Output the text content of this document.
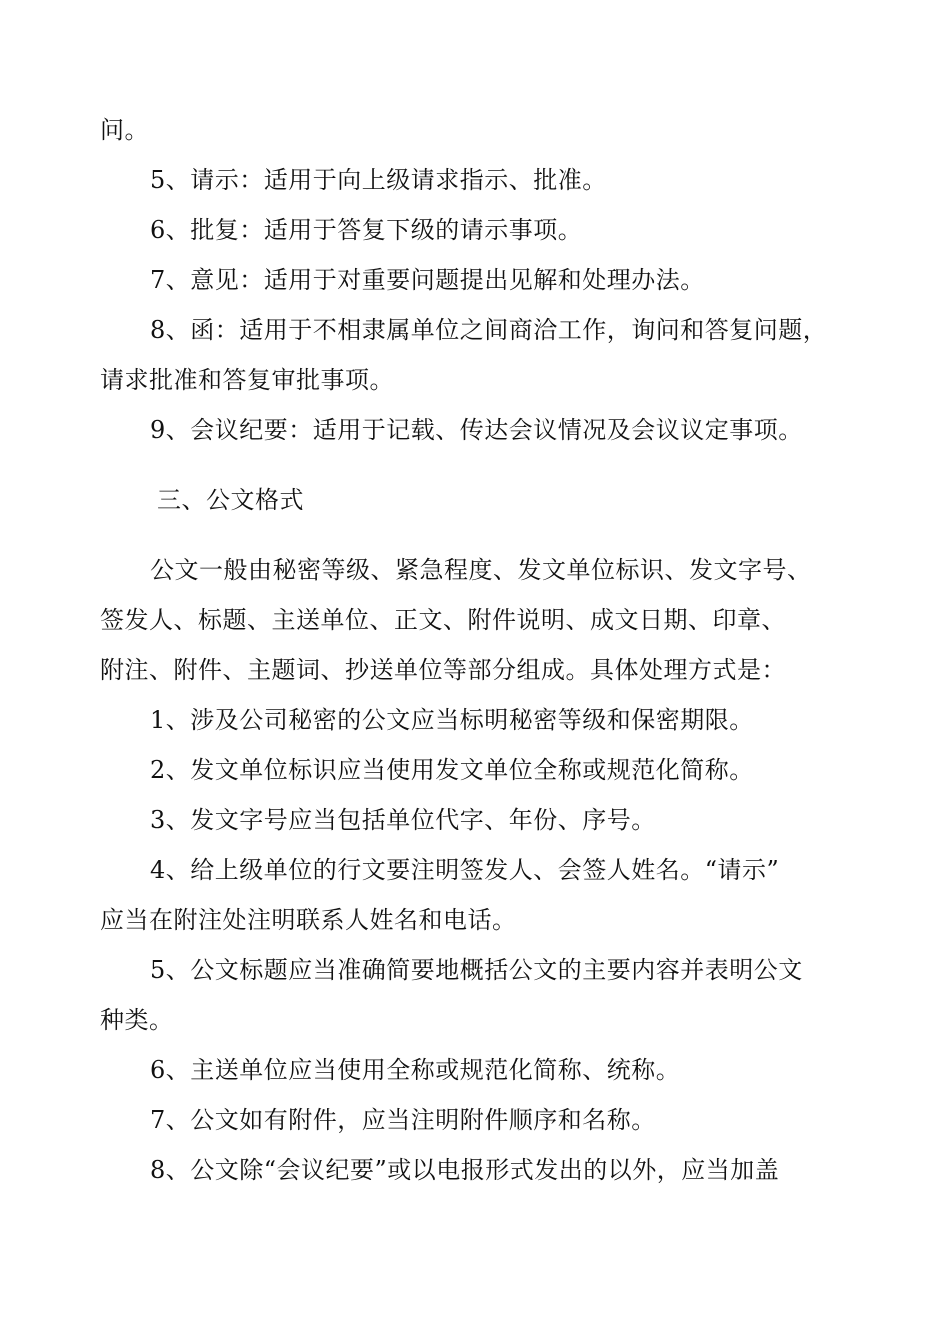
问。
5、请示：适用于向上级请求指示、批准。
6、批复：适用于答复下级的请示事项。
7、意见：适用于对重要问题提出见解和处理办法。
8、函：适用于不相隶属单位之间商洽工作，询问和答复问题，
请求批准和答复审批事项。
9、会议纪要：适用于记载、传达会议情况及会议议定事项。
三、公文格式
公文一般由秘密等级、紧急程度、发文单位标识、发文字号、
签发人、标题、主送单位、正文、附件说明、成文日期、印章、
附注、附件、主题词、抄送单位等部分组成。具体处理方式是：
1、涉及公司秘密的公文应当标明秘密等级和保密期限。
2、发文单位标识应当使用发文单位全称或规范化简称。
3、发文字号应当包括单位代字、年份、序号。
4、给上级单位的行文要注明签发人、会签人姓名。“请示”
应当在附注处注明联系人姓名和电话。
5、公文标题应当准确简要地概括公文的主要内容并表明公文
种类。
6、主送单位应当使用全称或规范化简称、统称。
7、公文如有附件，应当注明附件顺序和名称。
8、公文除“会议纪要”或以电报形式发出的以外，应当加盖
